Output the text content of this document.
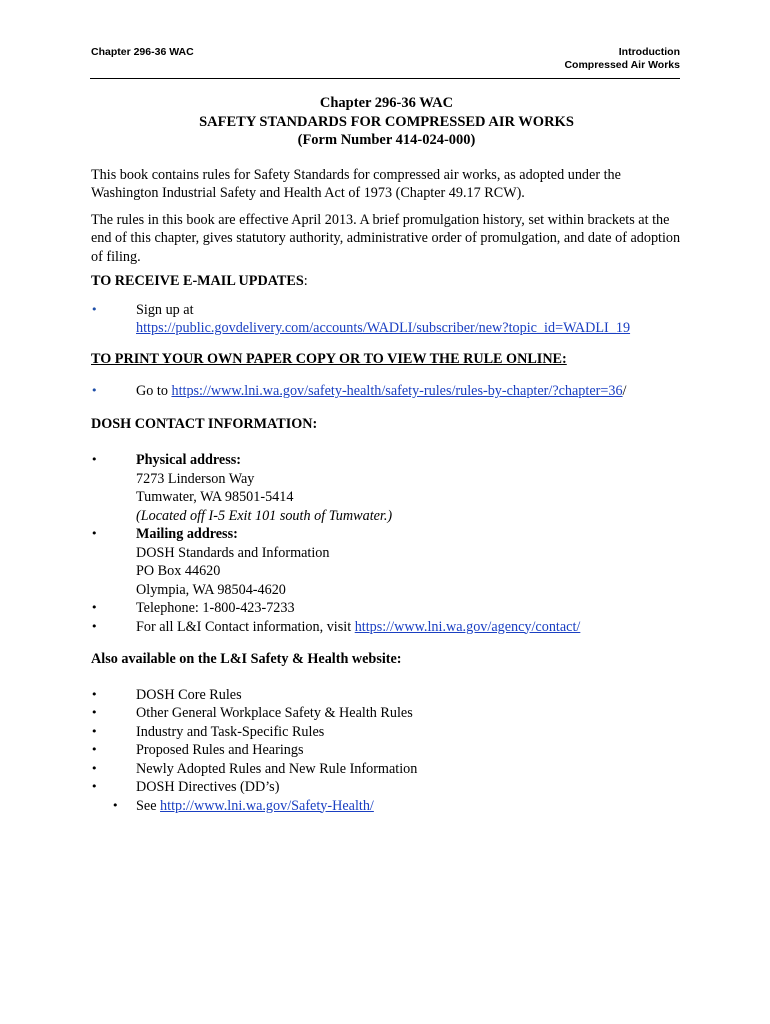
Chapter 296-36 WAC	Introduction
Compressed Air Works
Chapter 296-36 WAC
SAFETY STANDARDS FOR COMPRESSED AIR WORKS
(Form Number 414-024-000)

This book contains rules for Safety Standards for compressed air works, as adopted under the Washington Industrial Safety and Health Act of 1973 (Chapter 49.17 RCW).

The rules in this book are effective April 2013. A brief promulgation history, set within brackets at the end of this chapter, gives statutory authority, administrative order of promulgation, and date of adoption of filing.

TO RECEIVE E-MAIL UPDATES:

•	Sign up at
https://public.govdelivery.com/accounts/WADLI/subscriber/new?topic_id=WADLI_19

TO PRINT YOUR OWN PAPER COPY OR TO VIEW THE RULE ONLINE:

•	Go to https://www.lni.wa.gov/safety-health/safety-rules/rules-by-chapter/?chapter=36/

DOSH CONTACT INFORMATION:

•	Physical address:
7273 Linderson Way
Tumwater, WA 98501-5414
(Located off I-5 Exit 101 south of Tumwater.)
•	Mailing address:
DOSH Standards and Information
PO Box 44620
Olympia, WA 98504-4620
•	Telephone: 1-800-423-7233
•	For all L&I Contact information, visit https://www.lni.wa.gov/agency/contact/

Also available on the L&I Safety & Health website:

•	DOSH Core Rules
•	Other General Workplace Safety & Health Rules
•	Industry and Task-Specific Rules
•	Proposed Rules and Hearings
•	Newly Adopted Rules and New Rule Information
•	DOSH Directives (DD’s)
• See http://www.lni.wa.gov/Safety-Health/
